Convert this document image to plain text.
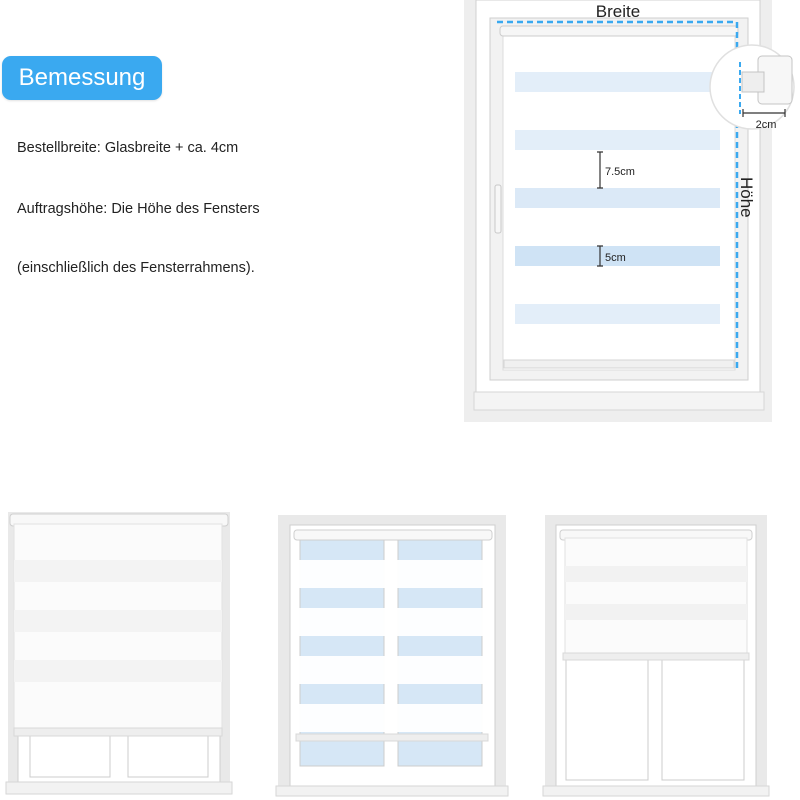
Bemessung
Bestellbreite: Glasbreite + ca. 4cm
Auftragshöhe: Die Höhe des Fensters
(einschließlich des Fensterrahmens).
Breite
Höhe
7.5cm
5cm
2cm
